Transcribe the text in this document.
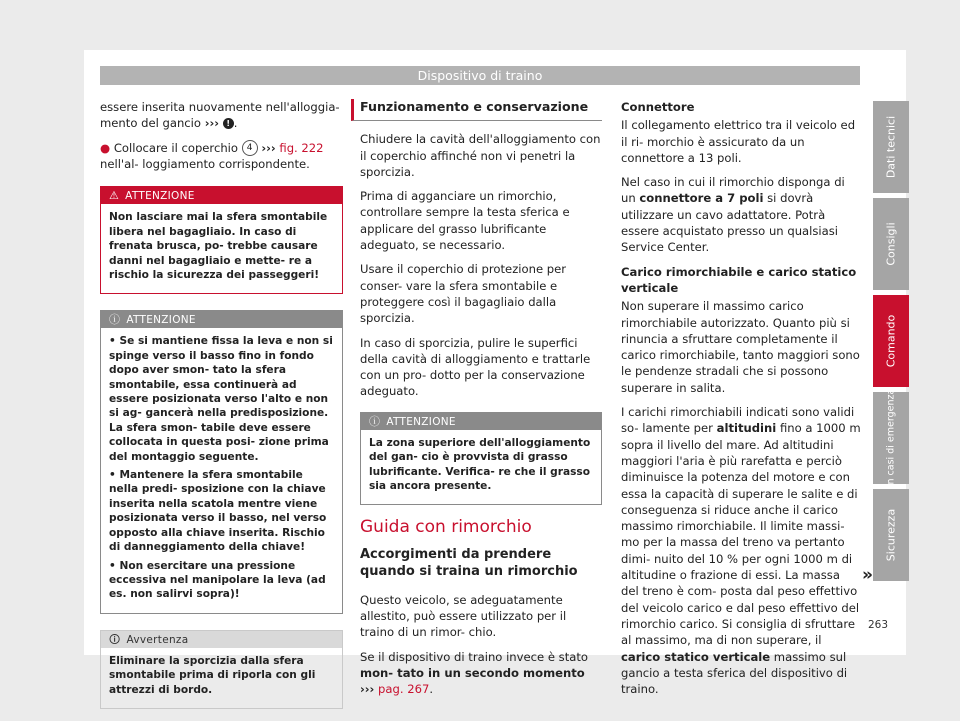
Dispositivo di traino

essere inserita nuovamente nell'alloggia- mento del gancio ››› ! .

● Collocare il coperchio 4 ››› fig. 222 nell'al- loggiamento corrispondente.

⚠ ATTENZIONE

Non lasciare mai la sfera smontabile libera nel bagagliaio. In caso di frenata brusca, po- trebbe causare danni nel bagagliaio e mette- re a rischio la sicurezza dei passeggeri!

ⓘ ATTENZIONE

• Se si mantiene fissa la leva e non si spinge verso il basso fino in fondo dopo aver smon- tato la sfera smontabile, essa continuerà ad essere posizionata verso l'alto e non si ag- gancerà nella predisposizione. La sfera smon- tabile deve essere collocata in questa posi- zione prima del montaggio seguente.

• Mantenere la sfera smontabile nella predi- sposizione con la chiave inserita nella scatola mentre viene posizionata verso il basso, nel verso opposto alla chiave inserita. Rischio di danneggiamento della chiave!

• Non esercitare una pressione eccessiva nel manipolare la leva (ad es. non salirvi sopra)!

🛈 Avvertenza

Eliminare la sporcizia dalla sfera smontabile prima di riporla con gli attrezzi di bordo.

Funzionamento e conservazione

Chiudere la cavità dell'alloggiamento con il coperchio affinché non vi penetri la sporcizia.

Prima di agganciare un rimorchio, controllare sempre la testa sferica e applicare del grasso lubrificante adeguato, se necessario.

Usare il coperchio di protezione per conser- vare la sfera smontabile e proteggere così il bagagliaio dalla sporcizia.

In caso di sporcizia, pulire le superfici della cavità di alloggiamento e trattarle con un pro- dotto per la conservazione adeguato.

ⓘ ATTENZIONE

La zona superiore dell'alloggiamento del gan- cio è provvista di grasso lubrificante. Verifica- re che il grasso sia ancora presente.

Guida con rimorchio
Accorgimenti da prendere quando si traina un rimorchio

Questo veicolo, se adeguatamente allestito, può essere utilizzato per il traino di un rimor- chio.

Se il dispositivo di traino invece è stato mon- tato in un secondo momento ››› pag. 267.

Connettore

Il collegamento elettrico tra il veicolo ed il ri- morchio è assicurato da un connettore a 13 poli.

Nel caso in cui il rimorchio disponga di un connettore a 7 poli si dovrà utilizzare un cavo adattatore. Potrà essere acquistato presso un qualsiasi Service Center.

Carico rimorchiabile e carico statico verticale

Non superare il massimo carico rimorchiabile autorizzato. Quanto più si rinuncia a sfruttare completamente il carico rimorchiabile, tanto maggiori sono le pendenze stradali che si possono superare in salita.

I carichi rimorchiabili indicati sono validi so- lamente per altitudini fino a 1000 m sopra il livello del mare. Ad altitudini maggiori l'aria è più rarefatta e perciò diminuisce la potenza del motore e con essa la capacità di superare le salite e di conseguenza si riduce anche il carico massimo rimorchiabile. Il limite massi- mo per la massa del treno va pertanto dimi- nuito del 10 % per ogni 1000 m di altitudine o frazione di essi. La massa del treno è com- posta dal peso effettivo del veicolo carico e dal peso effettivo del rimorchio carico. Si consiglia di sfruttare al massimo, ma di non superare, il carico statico verticale massimo sul gancio a testa sferica del dispositivo di traino.

Dati tecnici
Consigli
Comando
In casi di emergenza
Sicurezza
»
263
